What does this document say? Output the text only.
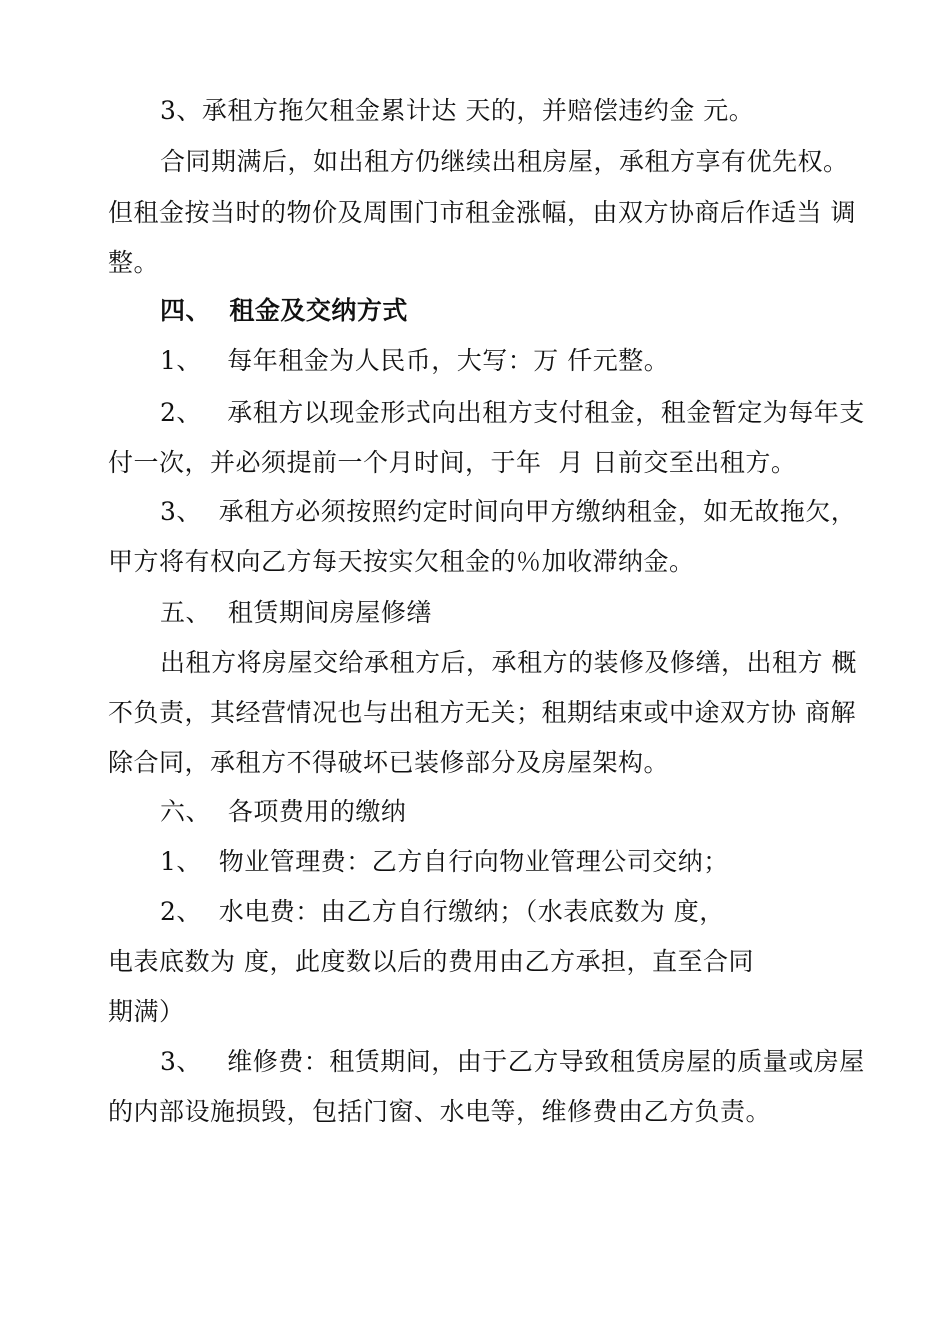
3、承租方拖欠租金累计达 天的，并赔偿违约金 元。
合同期满后，如出租方仍继续出租房屋，承租方享有优先权。
但租金按当时的物价及周围门市租金涨幅，由双方协商后作适当 调
整。
四、  租金及交纳方式
1、   每年租金为人民币，大写：万 仟元整。
2、   承租方以现金形式向出租方支付租金，租金暂定为每年支
付一次，并必须提前一个月时间，于年  月 日前交至出租方。
3、  承租方必须按照约定时间向甲方缴纳租金，如无故拖欠，
甲方将有权向乙方每天按实欠租金的％加收滞纳金。
五、  租赁期间房屋修缮
出租方将房屋交给承租方后，承租方的装修及修缮，出租方 概
不负责，其经营情况也与出租方无关；租期结束或中途双方协 商解
除合同，承租方不得破坏已装修部分及房屋架构。
六、  各项费用的缴纳
1、  物业管理费：乙方自行向物业管理公司交纳；
2、  水电费：由乙方自行缴纳；（水表底数为 度，
电表底数为 度，此度数以后的费用由乙方承担，直至合同
期满）
3、   维修费：租赁期间，由于乙方导致租赁房屋的质量或房屋
的内部设施损毁，包括门窗、水电等，维修费由乙方负责。
